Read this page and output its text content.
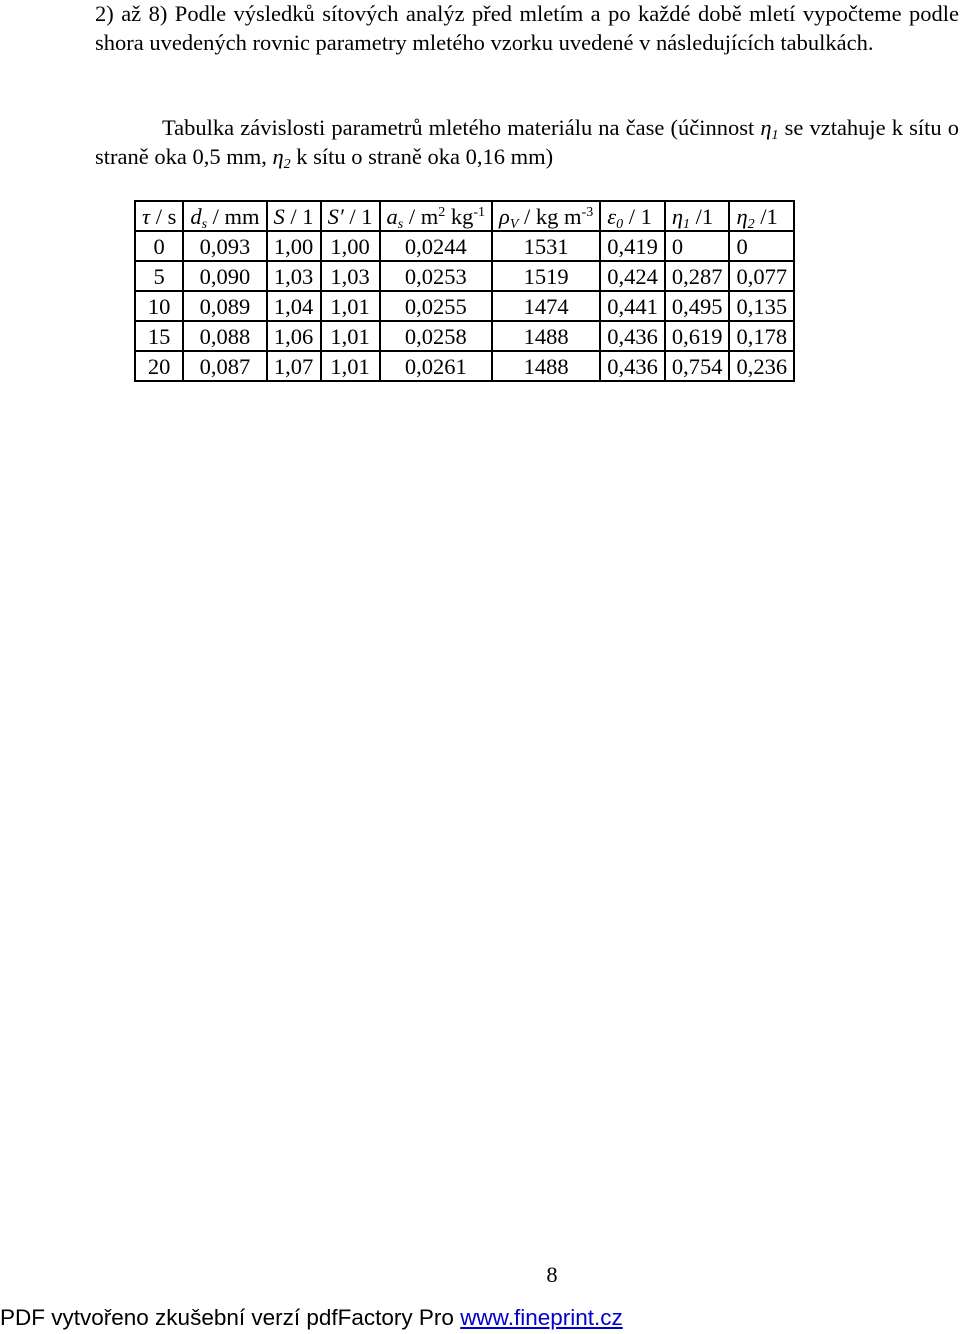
2) až 8) Podle výsledků sítových analýz před mletím a po každé době mletí vypočteme podle shora uvedených rovnic parametry mletého vzorku uvedené v následujících tabulkách.

Tabulka závislosti parametrů mletého materiálu na čase (účinnost $\eta_1$ se vztahuje k sítu o straně oka 0,5 mm, $\eta_2$ k sítu o straně oka 0,16 mm)

τ / s	$d_s$ / mm	S / 1	S′ / 1	$a_s / m^2$ $kg^{-1}$	$\rho_V$ / kg $m^{-3}$	$\varepsilon_0 / 1$	$\eta_1$ /1	$\eta_2$ /1
0	0,093	1,00	1,00	0,0244	1531	0,419	0	0
5	0,090	1,03	1,03	0,0253	1519	0,424	0,287	0,077
10	0,089	1,04	1,01	0,0255	1474	0,441	0,495	0,135
15	0,088	1,06	1,01	0,0258	1488	0,436	0,619	0,178
20	0,087	1,07	1,01	0,0261	1488	0,436	0,754	0,236
8
PDF vytvořeno zkušební verzí pdfFactory Pro www.fineprint.cz
